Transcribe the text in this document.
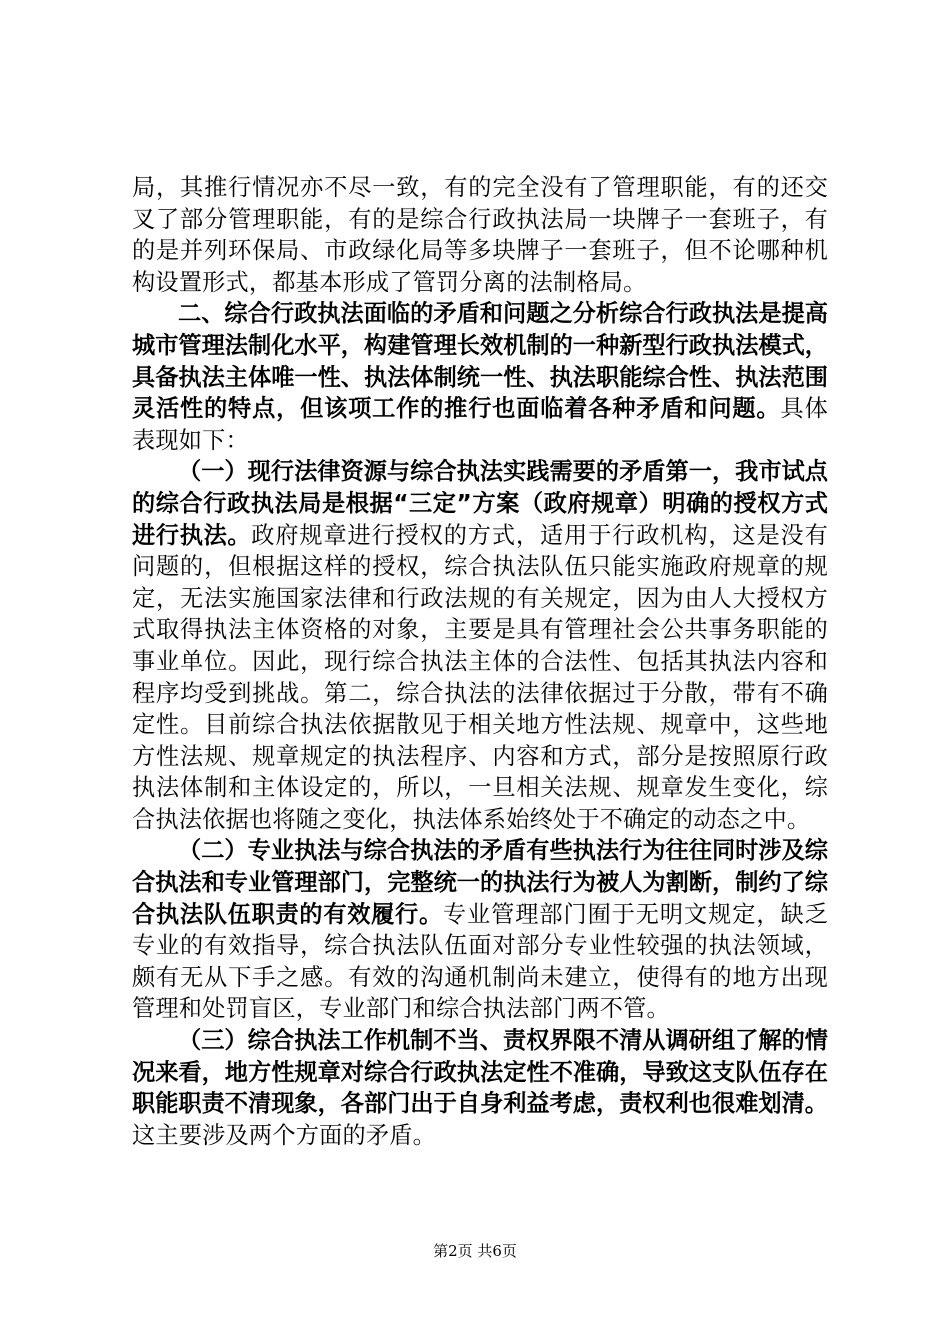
局，其推行情况亦不尽一致，有的完全没有了管理职能，有的还交叉了部分管理职能，有的是综合行政执法局一块牌子一套班子，有的是并列环保局、市政绿化局等多块牌子一套班子，但不论哪种机构设置形式，都基本形成了管罚分离的法制格局。

二、综合行政执法面临的矛盾和问题之分析综合行政执法是提高城市管理法制化水平，构建管理长效机制的一种新型行政执法模式，具备执法主体唯一性、执法体制统一性、执法职能综合性、执法范围灵活性的特点，但该项工作的推行也面临着各种矛盾和问题。具体表现如下：

（一）现行法律资源与综合执法实践需要的矛盾第一，我市试点的综合行政执法局是根据“三定”方案（政府规章）明确的授权方式进行执法。政府规章进行授权的方式，适用于行政机构，这是没有问题的，但根据这样的授权，综合执法队伍只能实施政府规章的规定，无法实施国家法律和行政法规的有关规定，因为由人大授权方式取得执法主体资格的对象，主要是具有管理社会公共事务职能的事业单位。因此，现行综合执法主体的合法性、包括其执法内容和程序均受到挑战。第二，综合执法的法律依据过于分散，带有不确定性。目前综合执法依据散见于相关地方性法规、规章中，这些地方性法规、规章规定的执法程序、内容和方式，部分是按照原行政执法体制和主体设定的，所以，一旦相关法规、规章发生变化，综合执法依据也将随之变化，执法体系始终处于不确定的动态之中。

（二）专业执法与综合执法的矛盾有些执法行为往往同时涉及综合执法和专业管理部门，完整统一的执法行为被人为割断，制约了综合执法队伍职责的有效履行。专业管理部门囿于无明文规定，缺乏专业的有效指导，综合执法队伍面对部分专业性较强的执法领域，颇有无从下手之感。有效的沟通机制尚未建立，使得有的地方出现管理和处罚盲区，专业部门和综合执法部门两不管。

（三）综合执法工作机制不当、责权界限不清从调研组了解的情况来看，地方性规章对综合行政执法定性不准确，导致这支队伍存在职能职责不清现象，各部门出于自身利益考虑，责权利也很难划清。这主要涉及两个方面的矛盾。

第2页 共6页
